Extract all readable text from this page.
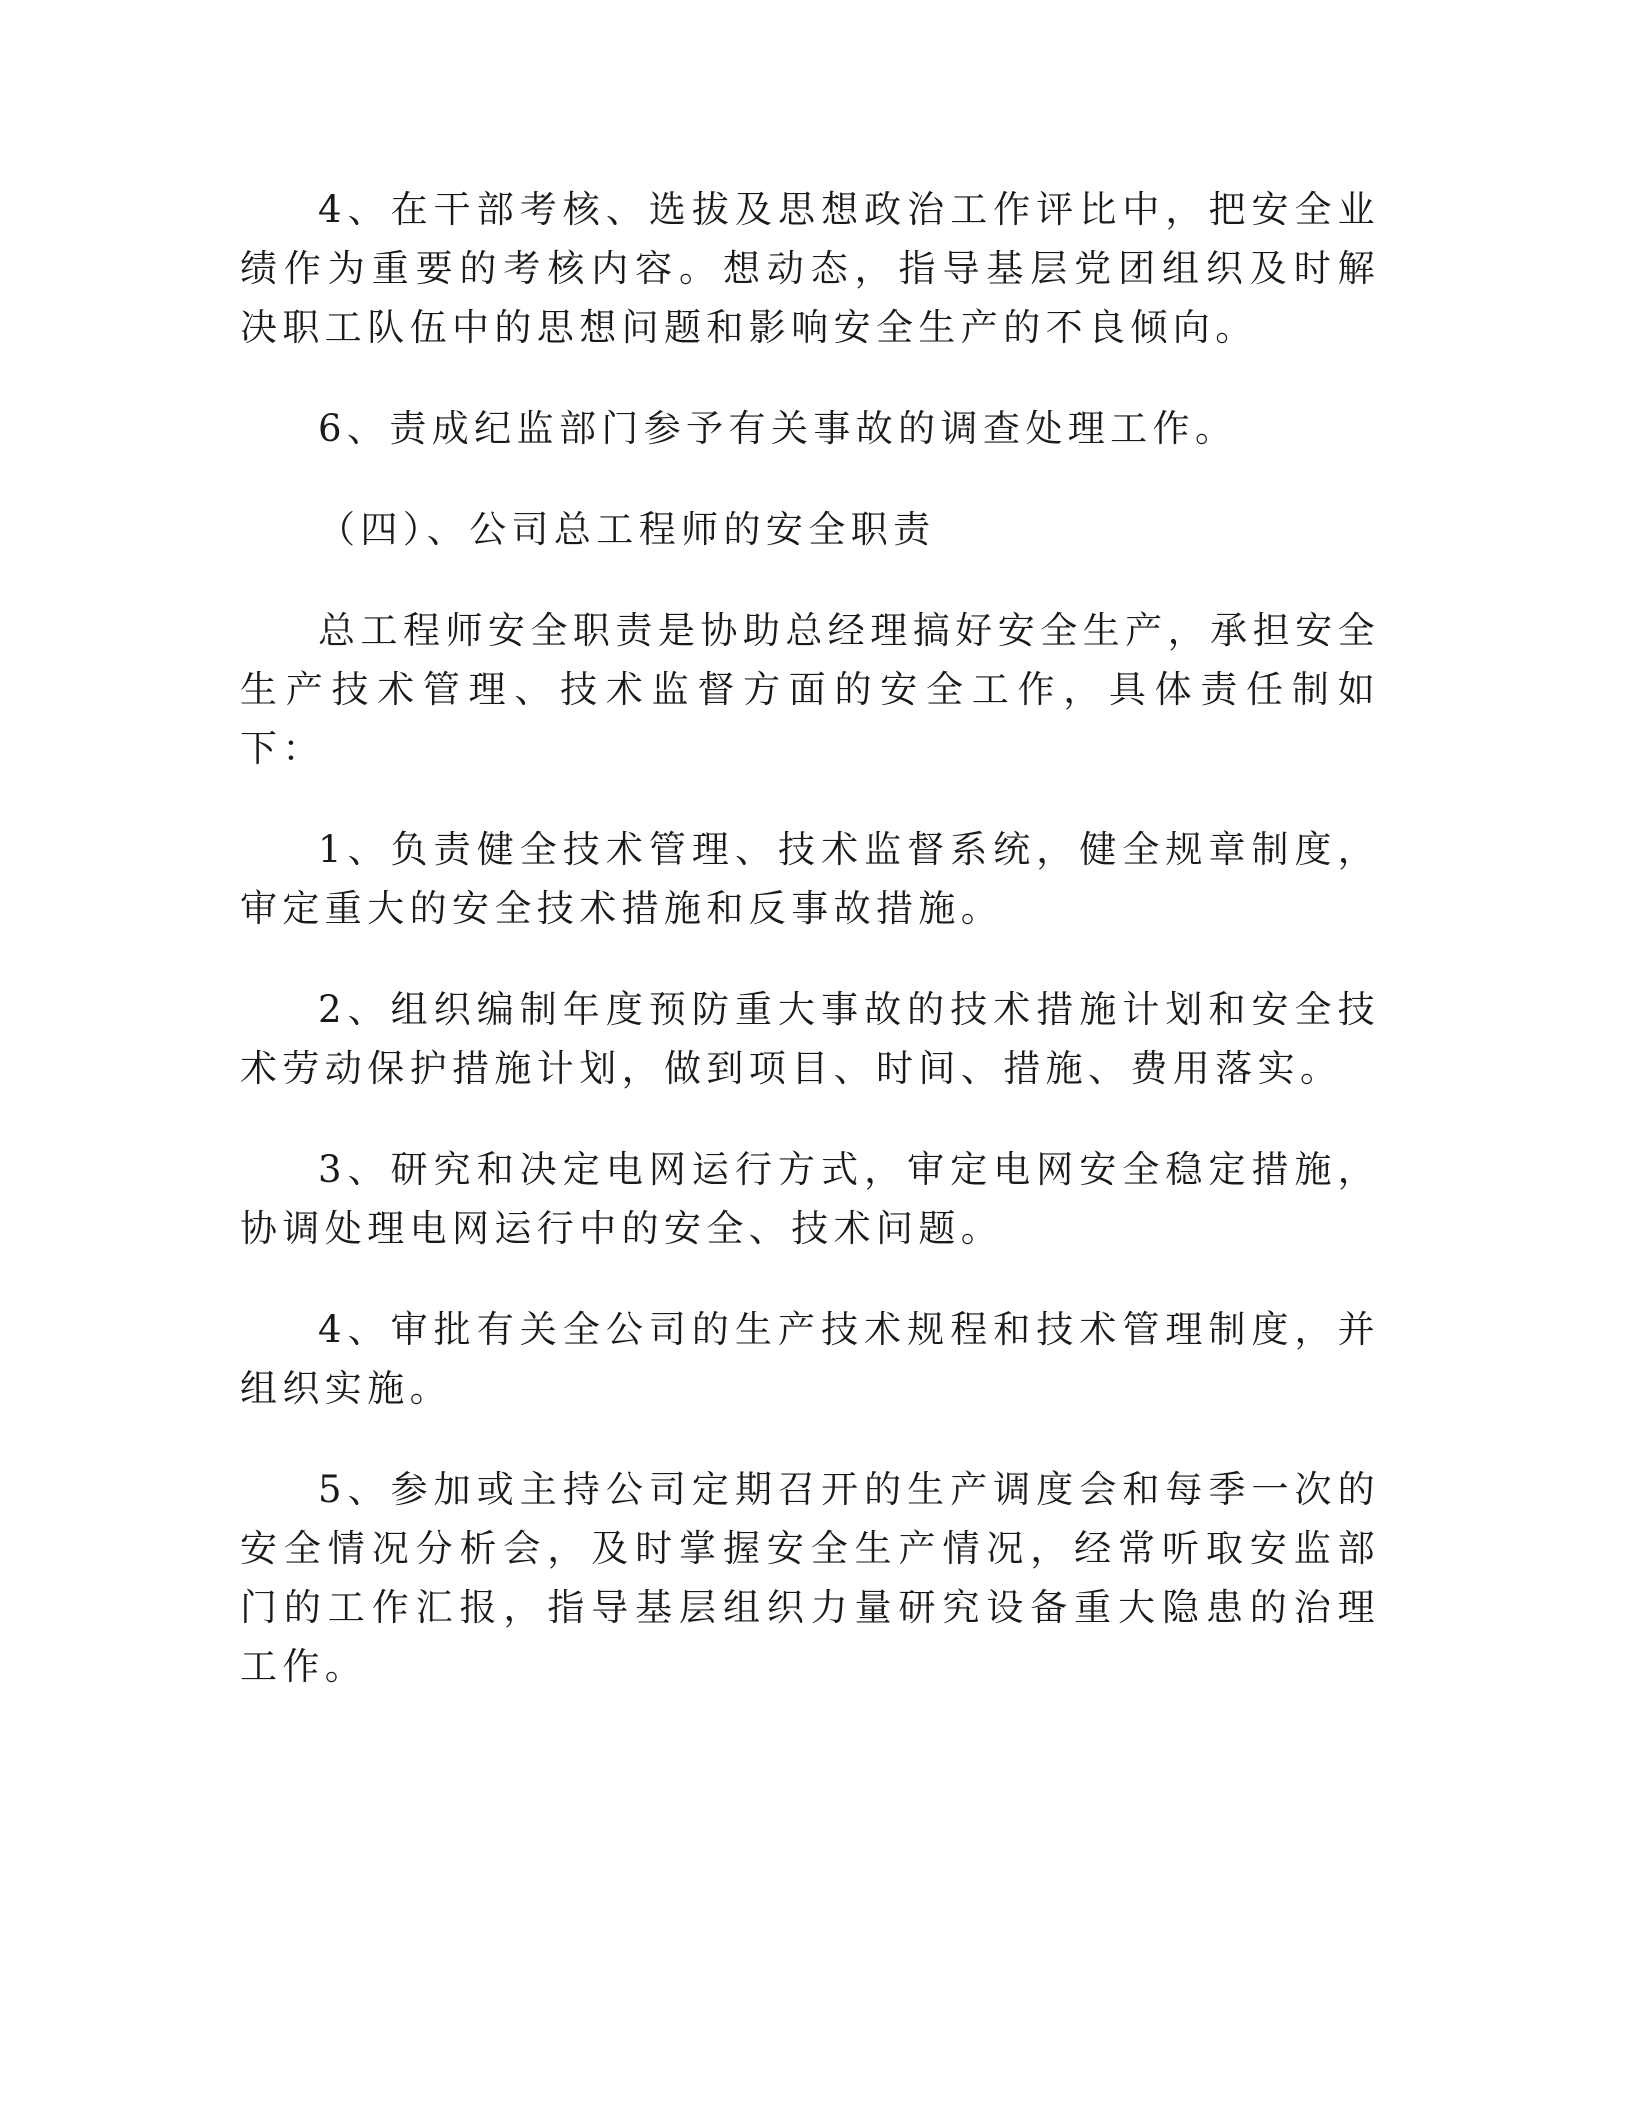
4、在干部考核、选拔及思想政治工作评比中，把安全业绩作为重要的考核内容。想动态，指导基层党团组织及时解决职工队伍中的思想问题和影响安全生产的不良倾向。

6、责成纪监部门参予有关事故的调查处理工作。

（四）、公司总工程师的安全职责

总工程师安全职责是协助总经理搞好安全生产，承担安全生产技术管理、技术监督方面的安全工作，具体责任制如下：

1、负责健全技术管理、技术监督系统，健全规章制度，审定重大的安全技术措施和反事故措施。

2、组织编制年度预防重大事故的技术措施计划和安全技术劳动保护措施计划，做到项目、时间、措施、费用落实。

3、研究和决定电网运行方式，审定电网安全稳定措施，协调处理电网运行中的安全、技术问题。

4、审批有关全公司的生产技术规程和技术管理制度，并组织实施。

5、参加或主持公司定期召开的生产调度会和每季一次的安全情况分析会，及时掌握安全生产情况，经常听取安监部门的工作汇报，指导基层组织力量研究设备重大隐患的治理工作。
